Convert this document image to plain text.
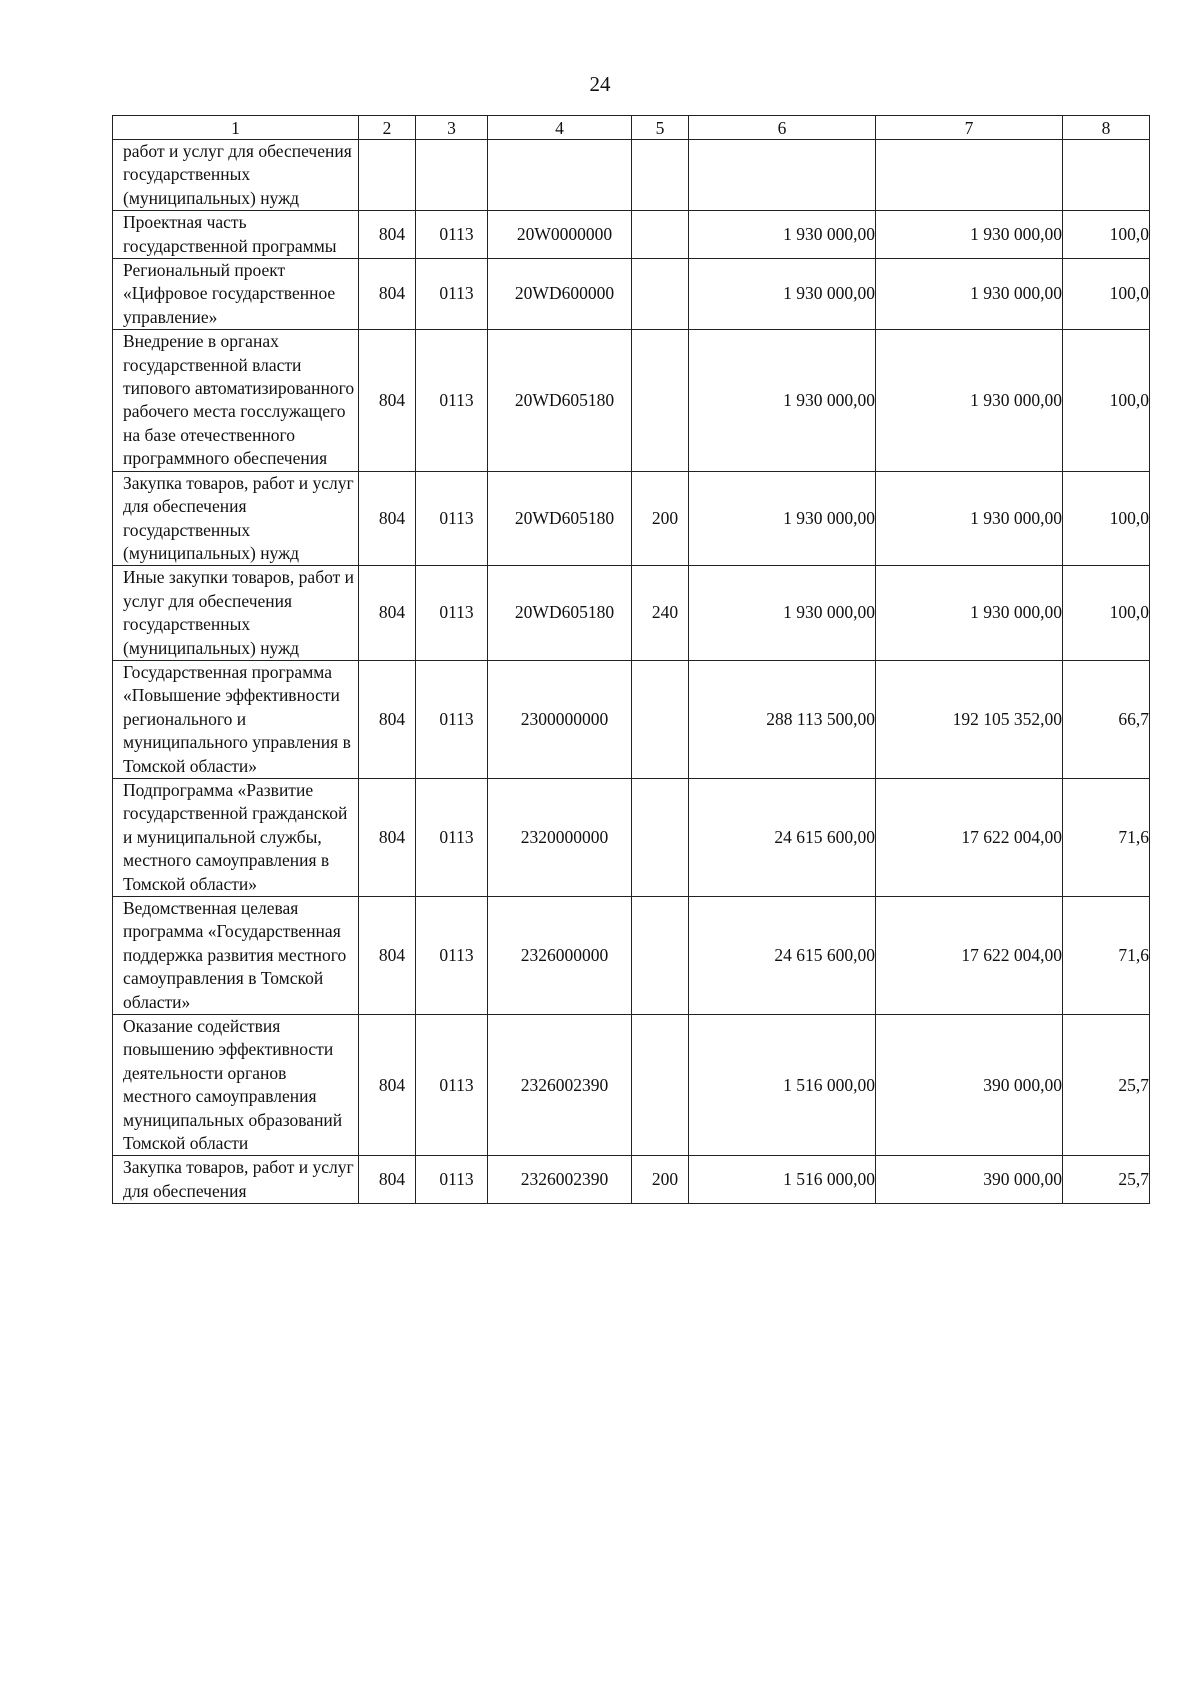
24
1	2	3	4	5	6	7	8
работ и услуг для обеспечения государственных (муниципальных) нужд							
Проектная часть государственной программы	804	0113	20W0000000		1 930 000,00	1 930 000,00	100,0
Региональный проект «Цифровое государственное управление»	804	0113	20WD600000		1 930 000,00	1 930 000,00	100,0
Внедрение в органах государственной власти типового автоматизированного рабочего места госслужащего на базе отечественного программного обеспечения	804	0113	20WD605180		1 930 000,00	1 930 000,00	100,0
Закупка товаров, работ и услуг для обеспечения государственных (муниципальных) нужд	804	0113	20WD605180	200	1 930 000,00	1 930 000,00	100,0
Иные закупки товаров, работ и услуг для обеспечения государственных (муниципальных) нужд	804	0113	20WD605180	240	1 930 000,00	1 930 000,00	100,0
Государственная программа «Повышение эффективности регионального и муниципального управления в Томской области»	804	0113	2300000000		288 113 500,00	192 105 352,00	66,7
Подпрограмма «Развитие государственной гражданской и муниципальной службы, местного самоуправления в Томской области»	804	0113	2320000000		24 615 600,00	17 622 004,00	71,6
Ведомственная целевая программа «Государственная поддержка развития местного самоуправления в Томской области»	804	0113	2326000000		24 615 600,00	17 622 004,00	71,6
Оказание содействия повышению эффективности деятельности органов местного самоуправления муниципальных образований Томской области	804	0113	2326002390		1 516 000,00	390 000,00	25,7
Закупка товаров, работ и услуг для обеспечения	804	0113	2326002390	200	1 516 000,00	390 000,00	25,7
